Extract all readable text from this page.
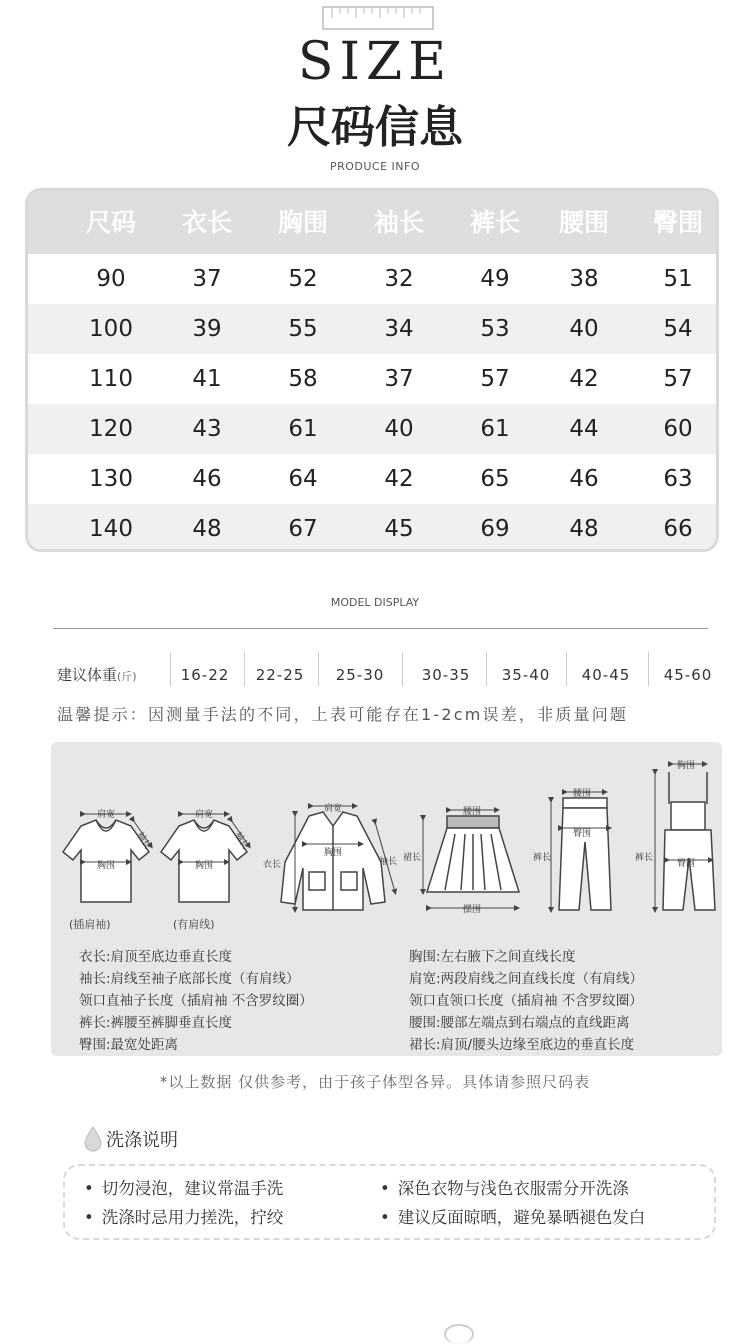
SIZE
尺码信息
PRODUCE INFO
尺码	衣长	胸围	袖长	裤长	腰围	臀围
90	37	52	32	49	38	51
100	39	55	34	53	40	54
110	41	58	37	57	42	57
120	43	61	40	61	44	60
130	46	64	42	65	46	63
140	48	67	45	69	48	66
MODEL DISPLAY
建议体重(斤)	16-22	22-25	25-30	30-35	35-40	40-45	45-60
温馨提示：因测量手法的不同，上表可能存在1-2cm误差，非质量问题
肩宽
胸围
袖长
肩宽
胸围
袖长
肩宽
胸围
衣长	袖长
腰围
摆围
裙长
腰围
臀围
裤长
胸围
臀围
裤长
(插肩袖)	(有肩线)
衣长:肩顶至底边垂直长度
袖长:肩线至袖子底部长度（有肩线）
领口直袖子长度（插肩袖 不含罗纹圈）
裤长:裤腰至裤脚垂直长度
臀围:最宽处距离
胸围:左右腋下之间直线长度
肩宽:两段肩线之间直线长度（有肩线）
领口直领口长度（插肩袖 不含罗纹圈）
腰围:腰部左端点到右端点的直线距离
裙长:肩顶/腰头边缘至底边的垂直长度
*以上数据 仅供参考，由于孩子体型各异。具体请参照尺码表
洗涤说明
• 切勿浸泡，建议常温手洗	• 深色衣物与浅色衣服需分开洗涤
• 洗涤时忌用力搓洗，拧绞	• 建议反面晾晒，避免暴晒褪色发白
